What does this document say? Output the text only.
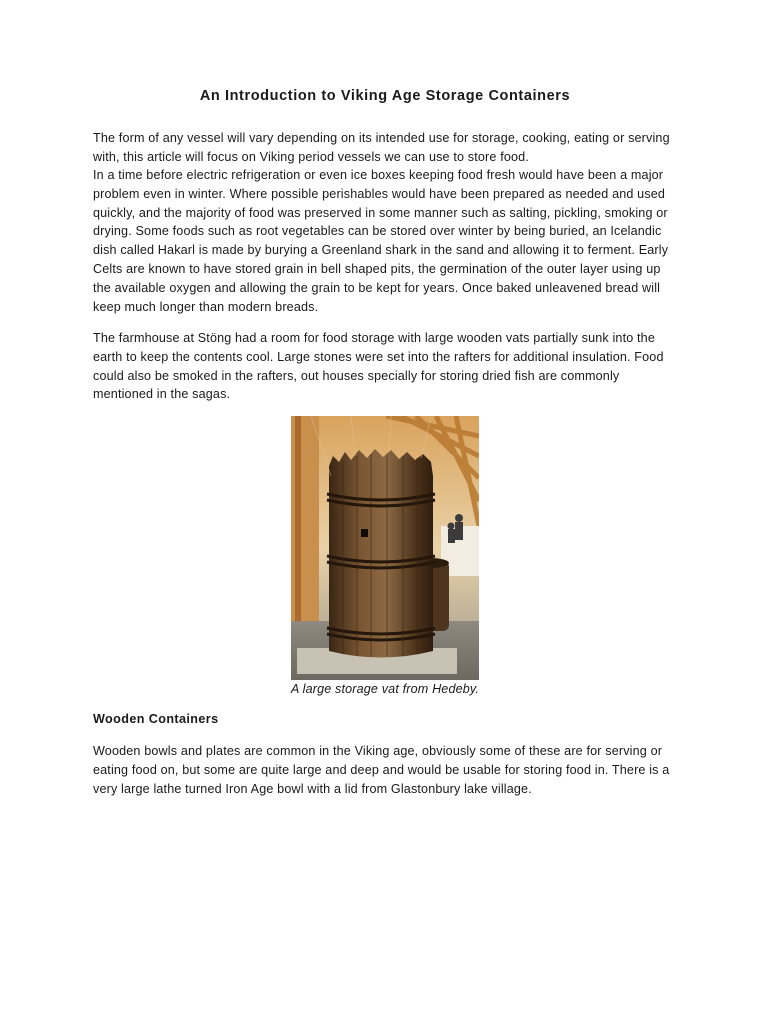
An Introduction to Viking Age Storage Containers

The form of any vessel will vary depending on its intended use for storage, cooking, eating or serving with, this article will focus on Viking period vessels we can use to store food.

In a time before electric refrigeration or even ice boxes keeping food fresh would have been a major problem even in winter. Where possible perishables would have been prepared as needed and used quickly, and the majority of food was preserved in some manner such as salting, pickling, smoking or drying. Some foods such as root vegetables can be stored over winter by being buried, an Icelandic dish called Hakarl is made by burying a Greenland shark in the sand and allowing it to ferment. Early Celts are known to have stored grain in bell shaped pits, the germination of the outer layer using up the available oxygen and allowing the grain to be kept for years. Once baked unleavened bread will keep much longer than modern breads.

The farmhouse at Stöng had a room for food storage with large wooden vats partially sunk into the earth to keep the contents cool. Large stones were set into the rafters for additional insulation. Food could also be smoked in the rafters, out houses specially for storing dried fish are commonly mentioned in the sagas.

A large storage vat from Hedeby.

Wooden Containers

Wooden bowls and plates are common in the Viking age, obviously some of these are for serving or eating food on, but some are quite large and deep and would be usable for storing food in. There is a very large lathe turned Iron Age bowl with a lid from Glastonbury lake village.
